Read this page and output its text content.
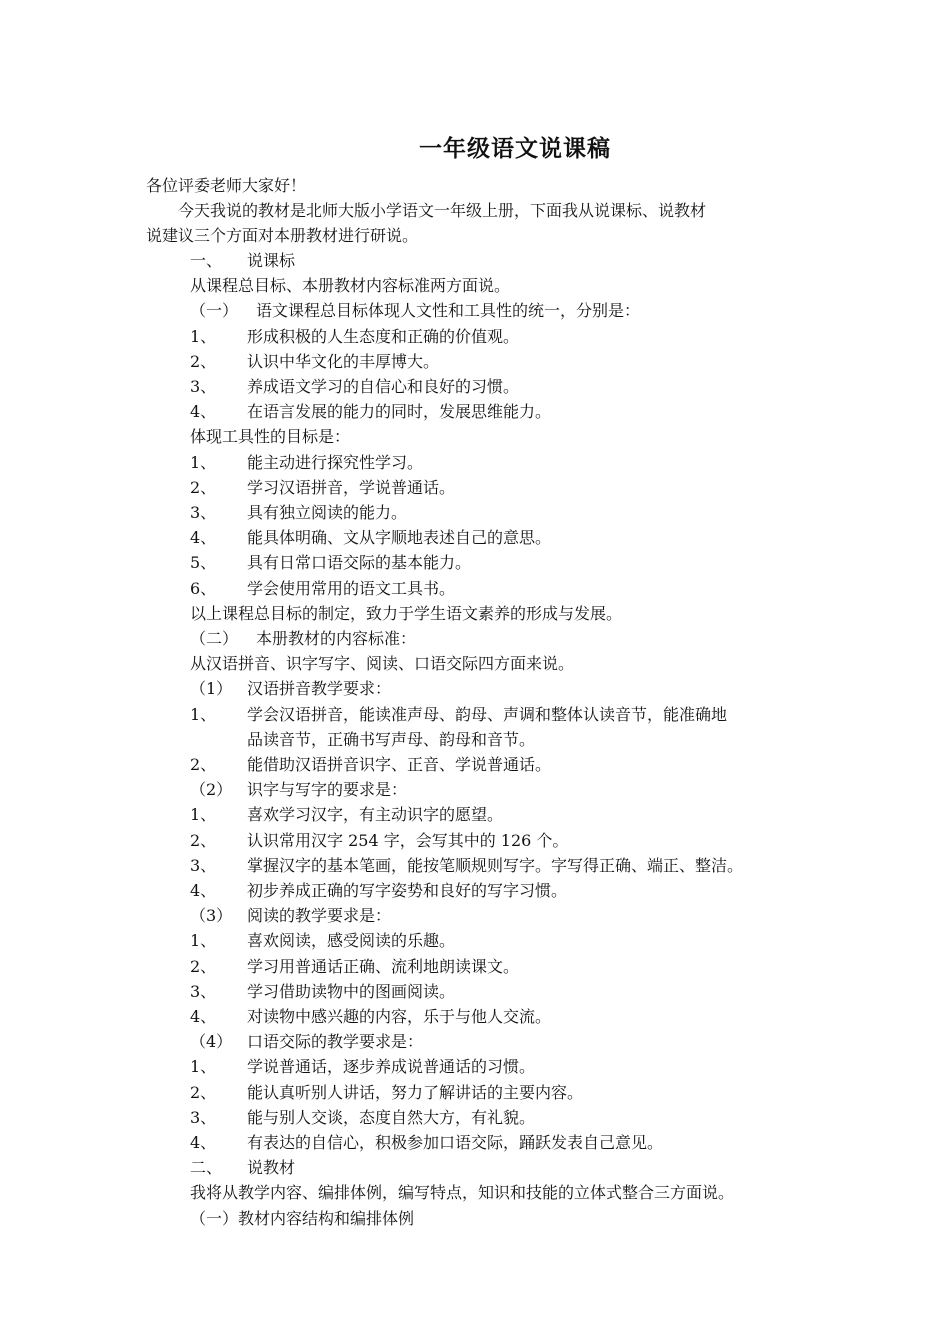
一年级语文说课稿
各位评委老师大家好！
今天我说的教材是北师大版小学语文一年级上册，下面我从说课标、说教材
说建议三个方面对本册教材进行研说。
一、 说课标
从课程总目标、本册教材内容标准两方面说。
（一） 语文课程总目标体现人文性和工具性的统一，分别是：
1、 形成积极的人生态度和正确的价值观。
2、 认识中华文化的丰厚博大。
3、 养成语文学习的自信心和良好的习惯。
4、 在语言发展的能力的同时，发展思维能力。
体现工具性的目标是：
1、 能主动进行探究性学习。
2、 学习汉语拼音，学说普通话。
3、 具有独立阅读的能力。
4、 能具体明确、文从字顺地表述自己的意思。
5、 具有日常口语交际的基本能力。
6、 学会使用常用的语文工具书。
以上课程总目标的制定，致力于学生语文素养的形成与发展。
（二） 本册教材的内容标准：
从汉语拼音、识字写字、阅读、口语交际四方面来说。
（1） 汉语拼音教学要求：
1、 学会汉语拼音，能读准声母、韵母、声调和整体认读音节，能准确地
品读音节，正确书写声母、韵母和音节。
2、 能借助汉语拼音识字、正音、学说普通话。
（2） 识字与写字的要求是：
1、 喜欢学习汉字，有主动识字的愿望。
2、 认识常用汉字 254 字，会写其中的 126 个。
3、 掌握汉字的基本笔画，能按笔顺规则写字。字写得正确、端正、整洁。
4、 初步养成正确的写字姿势和良好的写字习惯。
（3） 阅读的教学要求是：
1、 喜欢阅读，感受阅读的乐趣。
2、 学习用普通话正确、流利地朗读课文。
3、 学习借助读物中的图画阅读。
4、 对读物中感兴趣的内容，乐于与他人交流。
（4） 口语交际的教学要求是：
1、 学说普通话，逐步养成说普通话的习惯。
2、 能认真听别人讲话，努力了解讲话的主要内容。
3、 能与别人交谈，态度自然大方，有礼貌。
4、 有表达的自信心，积极参加口语交际，踊跃发表自己意见。
二、 说教材
我将从教学内容、编排体例，编写特点，知识和技能的立体式整合三方面说。
（一）教材内容结构和编排体例
